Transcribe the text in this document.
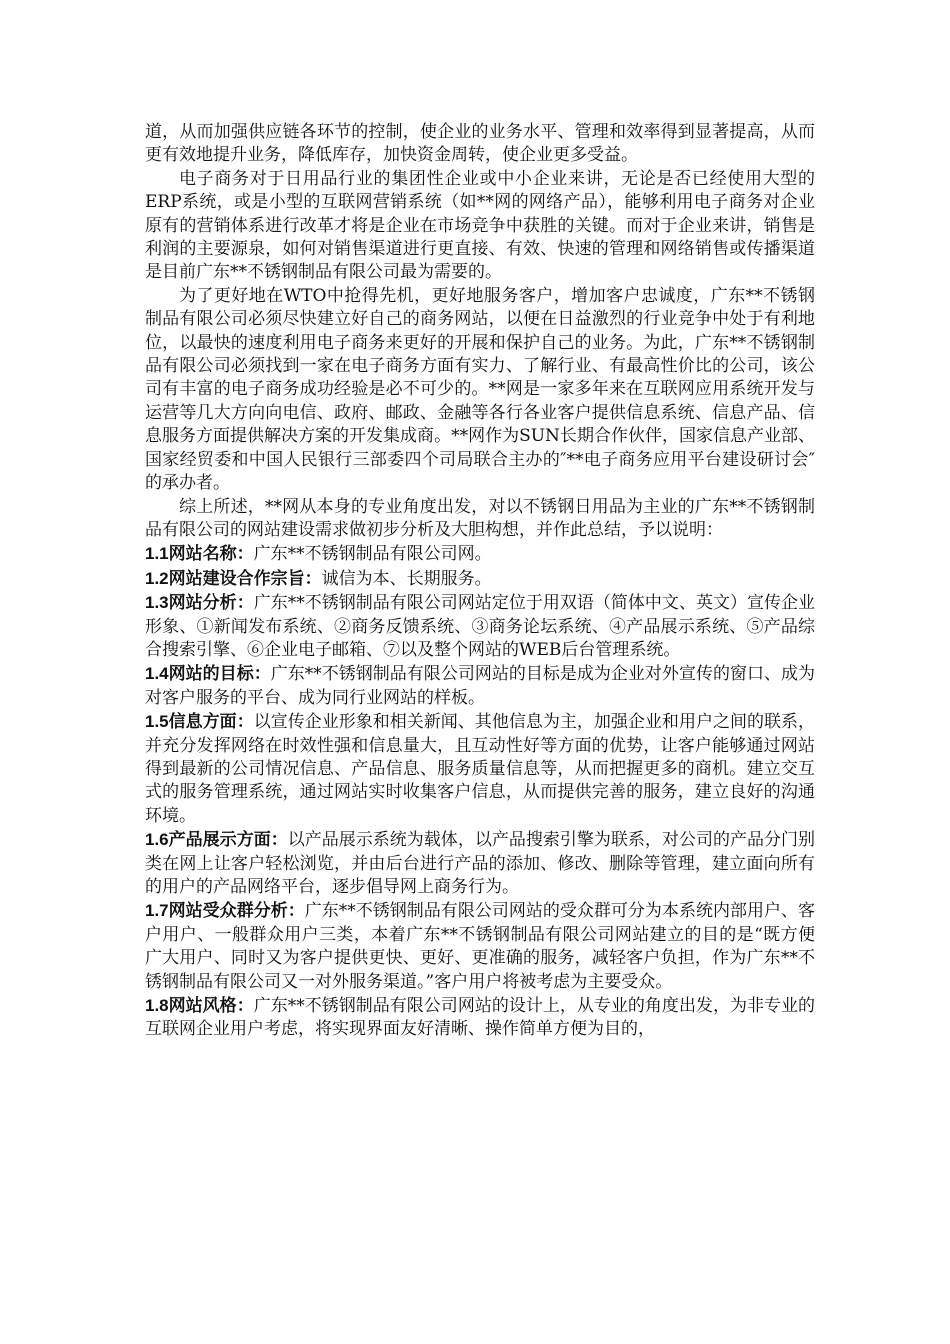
道，从而加强供应链各环节的控制，使企业的业务水平、管理和效率得到显著提高，从而更有效地提升业务，降低库存，加快资金周转，使企业更多受益。

电子商务对于日用品行业的集团性企业或中小企业来讲，无论是否已经使用大型的ERP系统，或是小型的互联网营销系统（如**网的网络产品），能够利用电子商务对企业原有的营销体系进行改革才将是企业在市场竞争中获胜的关键。而对于企业来讲，销售是利润的主要源泉，如何对销售渠道进行更直接、有效、快速的管理和网络销售或传播渠道是目前广东**不锈钢制品有限公司最为需要的。

为了更好地在WTO中抢得先机，更好地服务客户，增加客户忠诚度，广东**不锈钢制品有限公司必须尽快建立好自己的商务网站，以便在日益激烈的行业竞争中处于有利地位，以最快的速度利用电子商务来更好的开展和保护自己的业务。为此，广东**不锈钢制品有限公司必须找到一家在电子商务方面有实力、了解行业、有最高性价比的公司，该公司有丰富的电子商务成功经验是必不可少的。**网是一家多年来在互联网应用系统开发与运营等几大方向向电信、政府、邮政、金融等各行各业客户提供信息系统、信息产品、信息服务方面提供解决方案的开发集成商。**网作为SUN长期合作伙伴，国家信息产业部、国家经贸委和中国人民银行三部委四个司局联合主办的″**电子商务应用平台建设研讨会″的承办者。

综上所述，**网从本身的专业角度出发，对以不锈钢日用品为主业的广东**不锈钢制品有限公司的网站建设需求做初步分析及大胆构想，并作此总结，予以说明：

1.1网站名称：广东**不锈钢制品有限公司网。

1.2网站建设合作宗旨：诚信为本、长期服务。

1.3网站分析：广东**不锈钢制品有限公司网站定位于用双语（简体中文、英文）宣传企业形象、①新闻发布系统、②商务反馈系统、③商务论坛系统、④产品展示系统、⑤产品综合搜索引擎、⑥企业电子邮箱、⑦以及整个网站的WEB后台管理系统。

1.4网站的目标：广东**不锈钢制品有限公司网站的目标是成为企业对外宣传的窗口、成为对客户服务的平台、成为同行业网站的样板。

1.5信息方面：以宣传企业形象和相关新闻、其他信息为主，加强企业和用户之间的联系，并充分发挥网络在时效性强和信息量大，且互动性好等方面的优势，让客户能够通过网站得到最新的公司情况信息、产品信息、服务质量信息等，从而把握更多的商机。建立交互式的服务管理系统，通过网站实时收集客户信息，从而提供完善的服务，建立良好的沟通环境。

1.6产品展示方面：以产品展示系统为载体，以产品搜索引擎为联系，对公司的产品分门别类在网上让客户轻松浏览，并由后台进行产品的添加、修改、删除等管理，建立面向所有的用户的产品网络平台，逐步倡导网上商务行为。

1.7网站受众群分析：广东**不锈钢制品有限公司网站的受众群可分为本系统内部用户、客户用户、一般群众用户三类，本着广东**不锈钢制品有限公司网站建立的目的是“既方便广大用户、同时又为客户提供更快、更好、更准确的服务，减轻客户负担，作为广东**不锈钢制品有限公司又一对外服务渠道。”客户用户将被考虑为主要受众。

1.8网站风格：广东**不锈钢制品有限公司网站的设计上，从专业的角度出发，为非专业的互联网企业用户考虑，将实现界面友好清晰、操作简单方便为目的，
